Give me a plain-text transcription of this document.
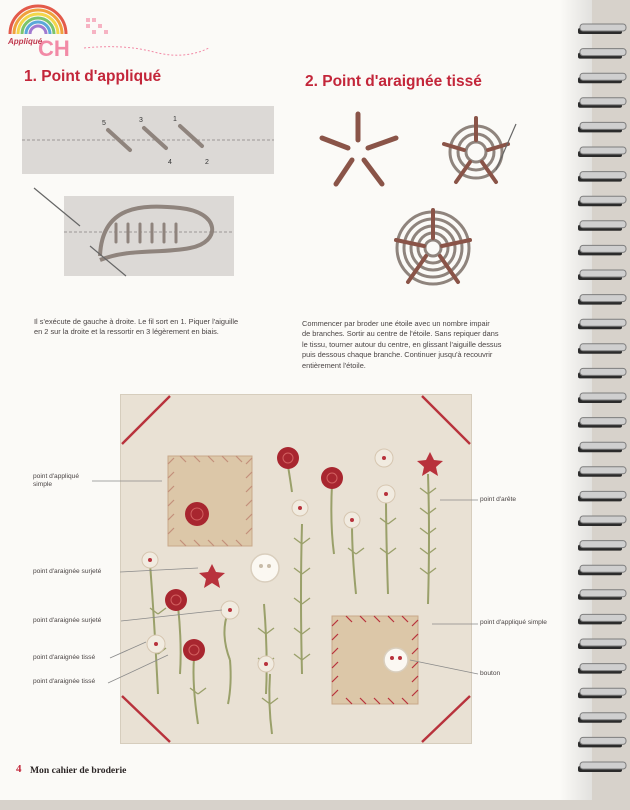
CH
Appliqué
1. Point d'appliqué	2. Point d'araignée tissé
5	3	1
4	2
Il s'exécute de gauche à droite. Le fil sort en 1. Piquer l'aiguille
en 2 sur la droite et la ressortir en 3 légèrement en biais.
Commencer par broder une étoile avec un nombre impair
de branches. Sortir au centre de l'étoile. Sans repiquer dans
le tissu, tourner autour du centre, en glissant l'aiguille dessus
puis dessous chaque branche. Continuer jusqu'à recouvrir
entièrement l'étoile.
point d'appliqué
simple
point d'araignée surjeté
point d'araignée surjeté
point d'araignée tissé
point d'araignée tissé
point d'arête
point d'appliqué simple
bouton
4 Mon cahier de broderie
